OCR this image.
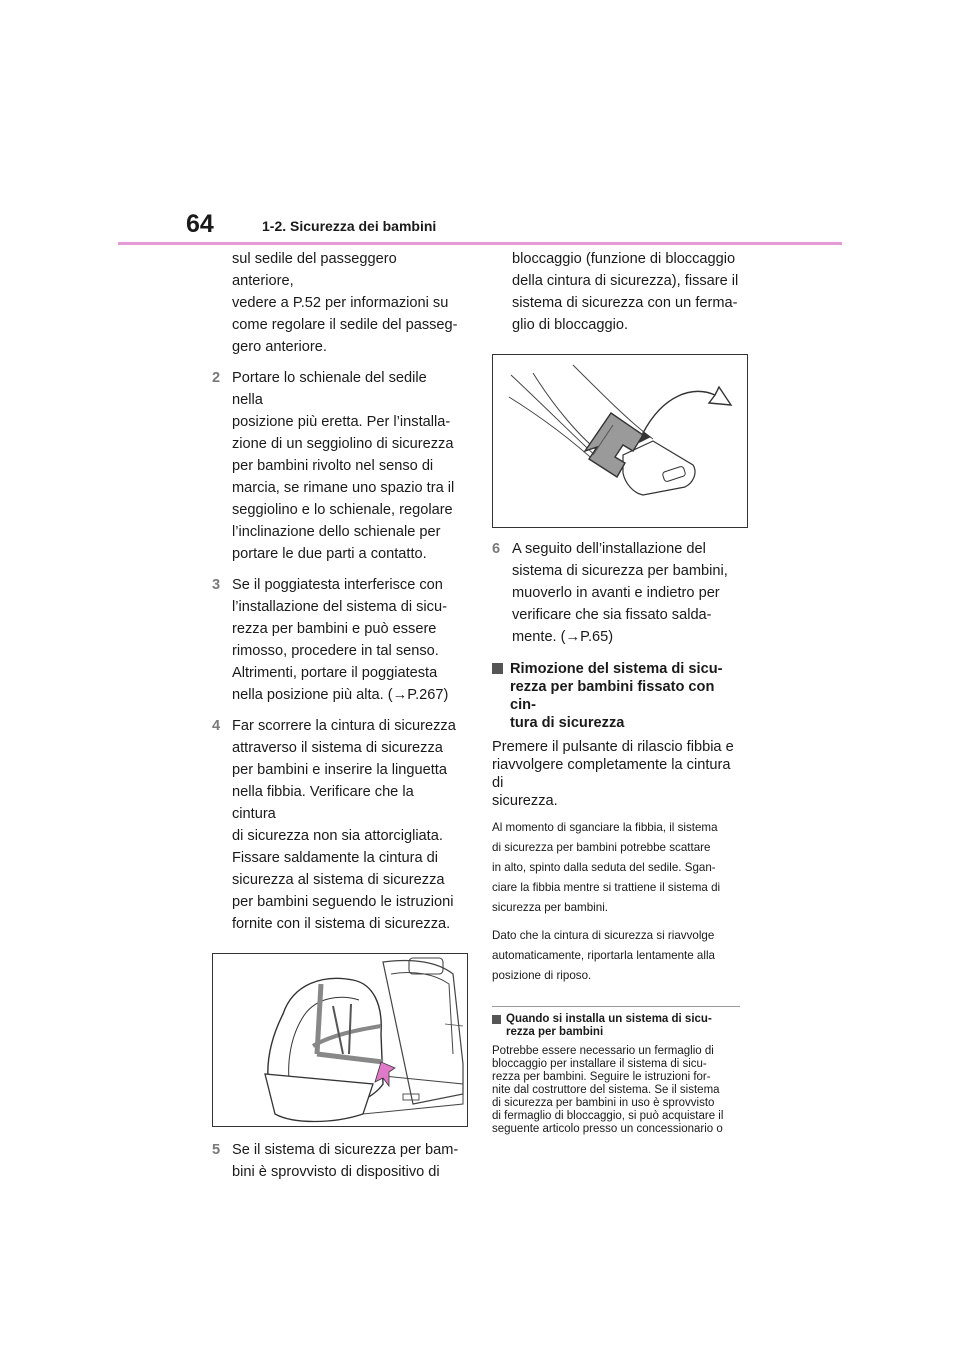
64	1-2. Sicurezza dei bambini

sul sedile del passeggero anteriore,

vedere a P.52 per informazioni su

come regolare il sedile del passeg-

gero anteriore.

2 Portare lo schienale del sedile nella

posizione più eretta. Per l’installa-

zione di un seggiolino di sicurezza

per bambini rivolto nel senso di

marcia, se rimane uno spazio tra il

seggiolino e lo schienale, regolare

l’inclinazione dello schienale per

portare le due parti a contatto.

3 Se il poggiatesta interferisce con

l’installazione del sistema di sicu-

rezza per bambini e può essere

rimosso, procedere in tal senso.

Altrimenti, portare il poggiatesta

nella posizione più alta. (→P.267)

4 Far scorrere la cintura di sicurezza

attraverso il sistema di sicurezza

per bambini e inserire la linguetta

nella fibbia. Verificare che la cintura

di sicurezza non sia attorcigliata.

Fissare saldamente la cintura di

sicurezza al sistema di sicurezza

per bambini seguendo le istruzioni

fornite con il sistema di sicurezza.

5 Se il sistema di sicurezza per bam-

bini è sprovvisto di dispositivo di

bloccaggio (funzione di bloccaggio

della cintura di sicurezza), fissare il

sistema di sicurezza con un ferma-

glio di bloccaggio.

6 A seguito dell’installazione del

sistema di sicurezza per bambini,

muoverlo in avanti e indietro per

verificare che sia fissato salda-

mente. (→P.65)

Rimozione del sistema di sicu-
rezza per bambini fissato con cin-
tura di sicurezza
Premere il pulsante di rilascio fibbia e
riavvolgere completamente la cintura di
sicurezza.
Al momento di sganciare la fibbia, il sistema
di sicurezza per bambini potrebbe scattare
in alto, spinto dalla seduta del sedile. Sgan-
ciare la fibbia mentre si trattiene il sistema di
sicurezza per bambini.
Dato che la cintura di sicurezza si riavvolge
automaticamente, riportarla lentamente alla
posizione di riposo.
Quando si installa un sistema di sicu-
rezza per bambini
Potrebbe essere necessario un fermaglio di
bloccaggio per installare il sistema di sicu-
rezza per bambini. Seguire le istruzioni for-
nite dal costruttore del sistema. Se il sistema
di sicurezza per bambini in uso è sprovvisto
di fermaglio di bloccaggio, si può acquistare il
seguente articolo presso un concessionario o
